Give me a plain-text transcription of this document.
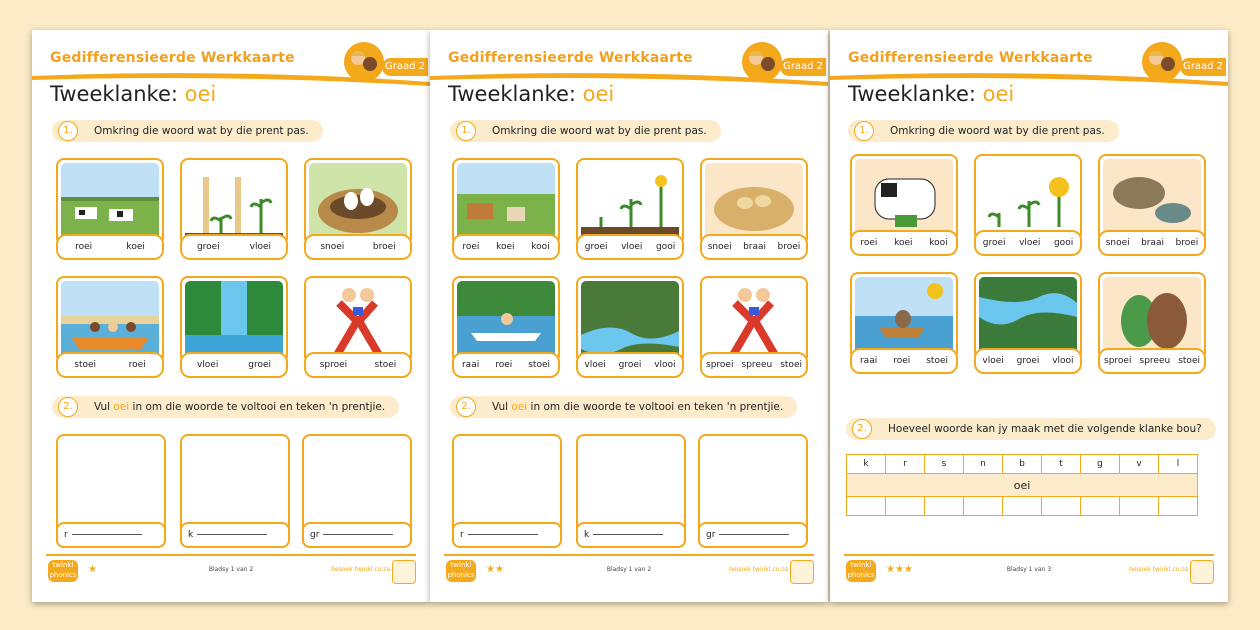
Gedifferensieerde Werkkaarte
Graad 2
Tweeklanke: oei
1.	Omkring die woord wat by die prent pas.
roei	koei	groei	vloei	snoei	broei
stoei	roei	vloei	groei	sproei	stoei
2.	Vul oei in om die woorde te voltooi en teken 'n prentjie.
r	k	gr
twinkl
phonics ★	Bladsy 1 van 2	besoek twinkl.co.za
Gedifferensieerde Werkkaarte
Graad 2
Tweeklanke: oei
1.	Omkring die woord wat by die prent pas.
roei koei kooi	groei vloei gooi	snoei braai broei
raai roei stoei	vloei groei vlooi	sproei spreeu stoei
2.	Vul oei in om die woorde te voltooi en teken 'n prentjie.
r	k	gr
twinkl
phonics ★★	Bladsy 1 van 2	besoek twinkl.co.za
Gedifferensieerde Werkkaarte
Graad 2
Tweeklanke: oei
1.	Omkring die woord wat by die prent pas.
roei koei kooi	groei vloei gooi	snoei braai broei
raai roei stoei	vloei groei vlooi	sproei spreeu stoei
2.	Hoeveel woorde kan jy maak met die volgende klanke bou?
k	r	s	n	b	t	g	v	l
oei								

twinkl
phonics ★★★	Bladsy 1 van 3	besoek twinkl.co.za
